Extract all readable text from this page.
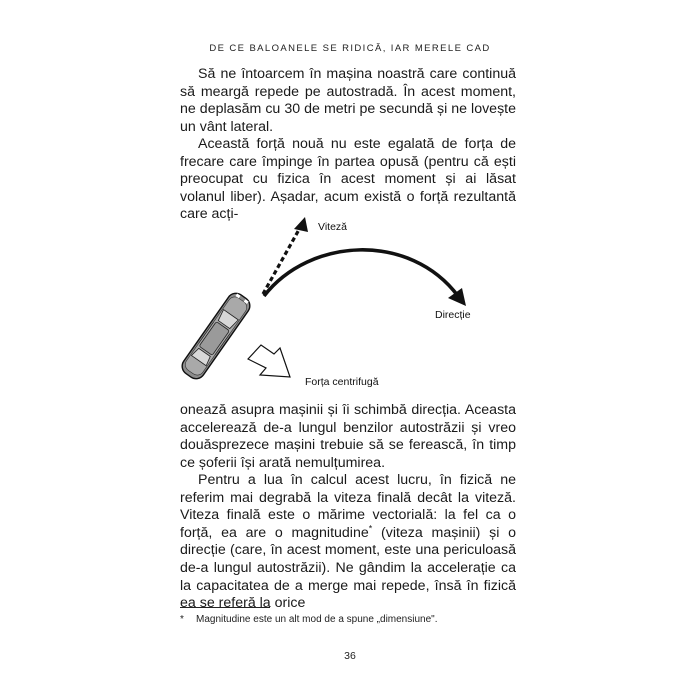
DE CE BALOANELE SE RIDICĂ, IAR MERELE CAD

Să ne întoarcem în mașina noastră care continuă să meargă repede pe autostradă. În acest moment, ne deplasăm cu 30 de metri pe secundă și ne lovește un vânt lateral.

Această forță nouă nu este egalată de forța de frecare care împinge în partea opusă (pentru că ești preocupat cu fizica în acest moment și ai lăsat volanul liber). Așadar, acum există o forță rezultantă care acți-

Viteză
Direcție
Forța centrifugă

onează asupra mașinii și îi schimbă direcția. Aceasta accelerează de-a lungul benzilor autostrăzii și vreo douăsprezece mașini trebuie să se ferească, în timp ce șoferii își arată nemulțumirea.

Pentru a lua în calcul acest lucru, în fizică ne referim mai degrabă la viteza finală decât la viteză. Viteza finală este o mărime vectorială: la fel ca o forță, ea are o magnitudine* (viteza mașinii) și o direcție (care, în acest moment, este una periculoasă de-a lungul autostrăzii). Ne gândim la accelerație ca la capacitatea de a merge mai repede, însă în fizică ea se referă la orice

* Magnitudine este un alt mod de a spune „dimensiune".
36
